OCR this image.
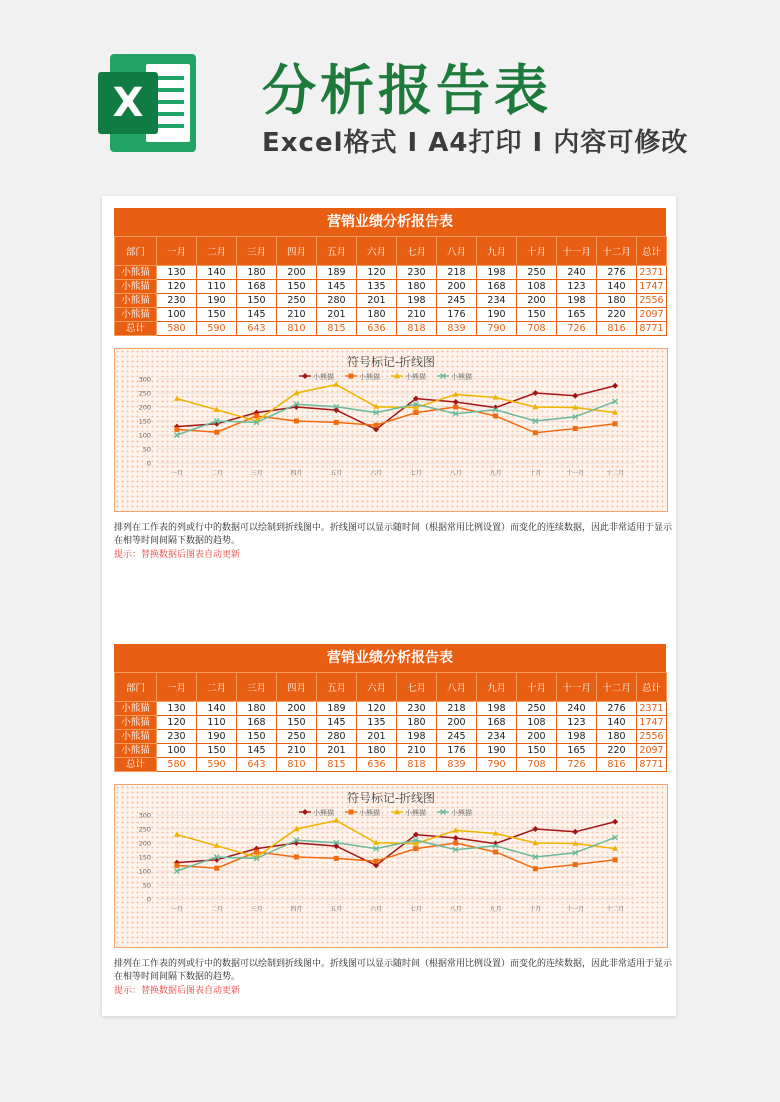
X 分析报告表
Excel格式 I A4打印 I 内容可修改
营销业绩分析报告表
部门	一月	二月	三月	四月	五月	六月	七月	八月	九月	十月	十一月	十二月	总计
小熊猫	130	140	180	200	189	120	230	218	198	250	240	276	2371
小熊猫	120	110	168	150	145	135	180	200	168	108	123	140	1747
小熊猫	230	190	150	250	280	201	198	245	234	200	198	180	2556
小熊猫	100	150	145	210	201	180	210	176	190	150	165	220	2097
总计	580	590	643	810	815	636	818	839	790	708	726	816	8771
符号标记-折线图
小熊猫	小熊猫	小熊猫	小熊猫
0
50
100
150
200
250
300
一月	二月	三月	四月	五月	六月	七月	八月	九月	十月	十一月	十二月
排列在工作表的列或行中的数据可以绘制到折线图中。折线图可以显示随时间（根据常用比例设置）而变化的连续数据，因此非常适用于显示在相等时间间隔下数据的趋势。
提示：替换数据后图表自动更新
营销业绩分析报告表
部门	一月	二月	三月	四月	五月	六月	七月	八月	九月	十月	十一月	十二月	总计
小熊猫	130	140	180	200	189	120	230	218	198	250	240	276	2371
小熊猫	120	110	168	150	145	135	180	200	168	108	123	140	1747
小熊猫	230	190	150	250	280	201	198	245	234	200	198	180	2556
小熊猫	100	150	145	210	201	180	210	176	190	150	165	220	2097
总计	580	590	643	810	815	636	818	839	790	708	726	816	8771
符号标记-折线图
小熊猫	小熊猫	小熊猫	小熊猫
0
50
100
150
200
250
300
一月	二月	三月	四月	五月	六月	七月	八月	九月	十月	十一月	十二月
排列在工作表的列或行中的数据可以绘制到折线图中。折线图可以显示随时间（根据常用比例设置）而变化的连续数据，因此非常适用于显示在相等时间间隔下数据的趋势。
提示：替换数据后图表自动更新
